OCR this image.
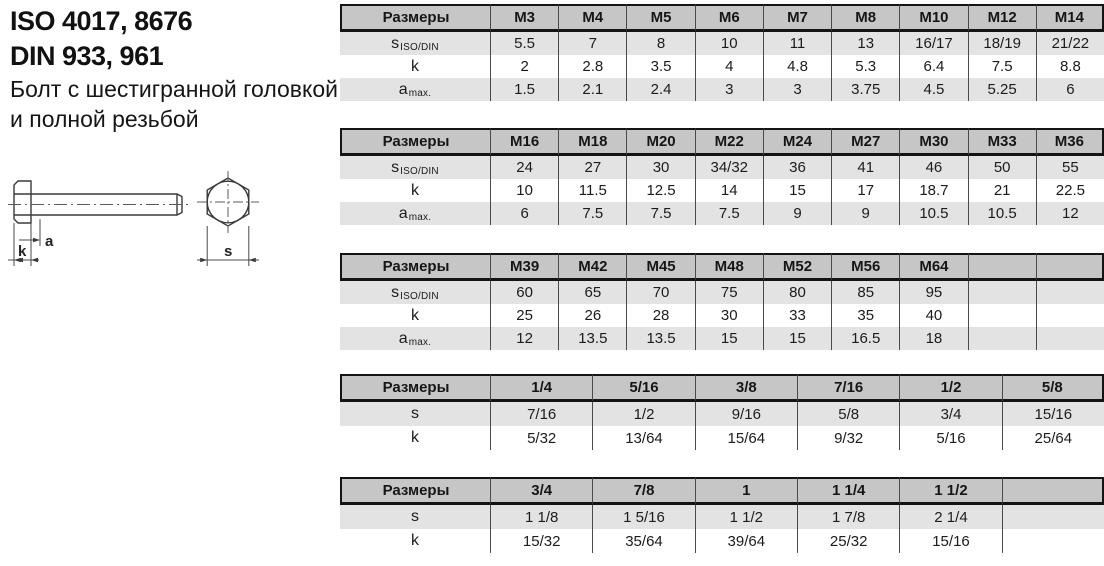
ISO 4017, 8676
DIN 933, 961
Болт с шестигранной головкой
и полной резьбой
a
k	s
Размеры	M3	M4	M5	M6	M7	M8	M10	M12	M14
s ISO/DIN	5.5	7	8	10	11	13	16/17	18/19	21/22
k	2	2.8	3.5	4	4.8	5.3	6.4	7.5	8.8
a max.	1.5	2.1	2.4	3	3	3.75	4.5	5.25	6
Размеры	M16	M18	M20	M22	M24	M27	M30	M33	M36
s ISO/DIN	24	27	30	34/32	36	41	46	50	55
k	10	11.5	12.5	14	15	17	18.7	21	22.5
a max.	6	7.5	7.5	7.5	9	9	10.5	10.5	12
Размеры	M39	M42	M45	M48	M52	M56	M64
s ISO/DIN	60	65	70	75	80	85	95
k	25	26	28	30	33	35	40
a max.	12	13.5	13.5	15	15	16.5	18
Размеры	1/4	5/16	3/8	7/16	1/2	5/8
s	7/16	1/2	9/16	5/8	3/4	15/16
k	5/32	13/64	15/64	9/32	5/16	25/64
Размеры	3/4	7/8	1	1 1/4	1 1/2
s	1 1/8	1 5/16	1 1/2	1 7/8	2 1/4
k	15/32	35/64	39/64	25/32	15/16
